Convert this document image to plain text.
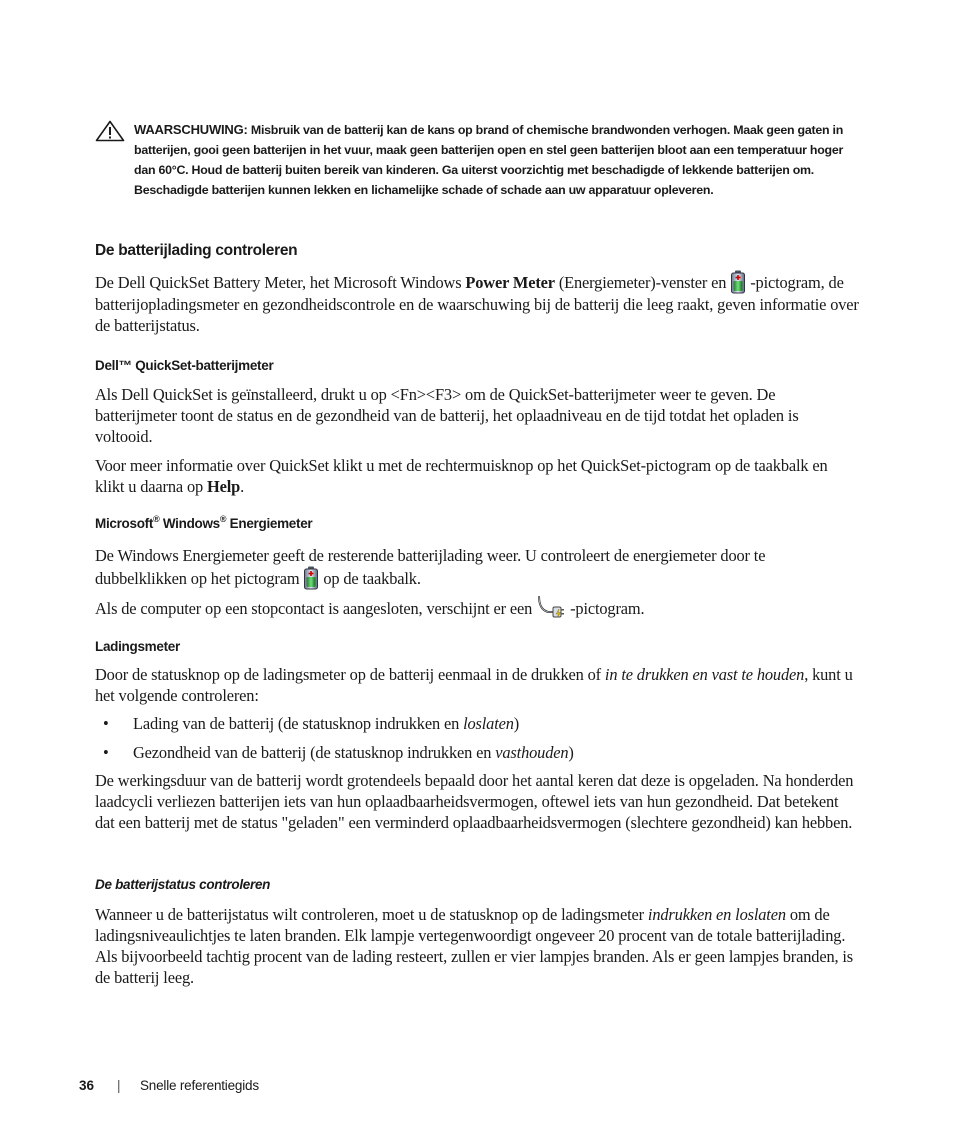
WAARSCHUWING: Misbruik van de batterij kan de kans op brand of chemische brandwonden verhogen. Maak geen gaten in batterijen, gooi geen batterijen in het vuur, maak geen batterijen open en stel geen batterijen bloot aan een temperatuur hoger dan 60°C. Houd de batterij buiten bereik van kinderen. Ga uiterst voorzichtig met beschadigde of lekkende batterijen om. Beschadigde batterijen kunnen lekken en lichamelijke schade of schade aan uw apparatuur opleveren.
De batterijlading controleren

De Dell QuickSet Battery Meter, het Microsoft Windows Power Meter (Energiemeter)-venster en  -pictogram, de batterijopladingsmeter en gezondheidscontrole en de waarschuwing bij de batterij die leeg raakt, geven informatie over de batterijstatus.

Dell™ QuickSet-batterijmeter

Als Dell QuickSet is geïnstalleerd, drukt u op <Fn><F3> om de QuickSet-batterijmeter weer te geven. De batterijmeter toont de status en de gezondheid van de batterij, het oplaadniveau en de tijd totdat het opladen is voltooid.

Voor meer informatie over QuickSet klikt u met de rechtermuisknop op het QuickSet-pictogram op de taakbalk en klikt u daarna op Help.

Microsoft® Windows® Energiemeter

De Windows Energiemeter geeft de resterende batterijlading weer. U controleert de energiemeter door te dubbelklikken op het pictogram  op de taakbalk.

Als de computer op een stopcontact is aangesloten, verschijnt er een  -pictogram.

Ladingsmeter

Door de statusknop op de ladingsmeter op de batterij eenmaal in de drukken of in te drukken en vast te houden, kunt u het volgende controleren:

• Lading van de batterij (de statusknop indrukken en loslaten)
• Gezondheid van de batterij (de statusknop indrukken en vasthouden)

De werkingsduur van de batterij wordt grotendeels bepaald door het aantal keren dat deze is opgeladen. Na honderden laadcycli verliezen batterijen iets van hun oplaadbaarheidsvermogen, oftewel iets van hun gezondheid. Dat betekent dat een batterij met de status "geladen" een verminderd oplaadbaarheidsvermogen (slechtere gezondheid) kan hebben.

De batterijstatus controleren

Wanneer u de batterijstatus wilt controleren, moet u de statusknop op de ladingsmeter indrukken en loslaten om de ladingsniveaulichtjes te laten branden. Elk lampje vertegenwoordigt ongeveer 20 procent van de totale batterijlading. Als bijvoorbeeld tachtig procent van de lading resteert, zullen er vier lampjes branden. Als er geen lampjes branden, is de batterij leeg.

36 | Snelle referentiegids
